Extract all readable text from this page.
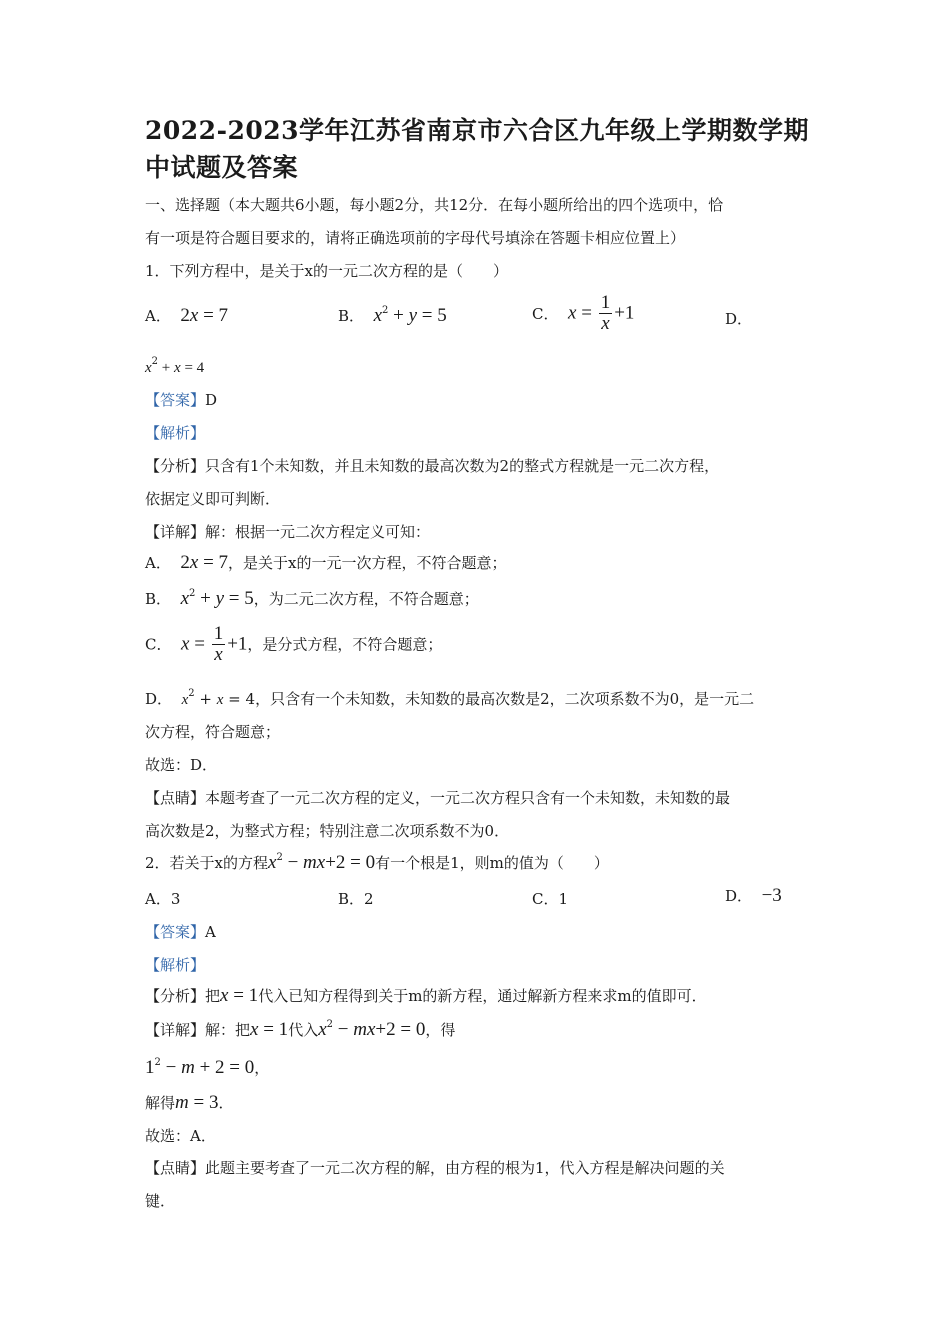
2022-2023学年江苏省南京市六合区九年级上学期数学期中试题及答案
一、选择题（本大题共6小题，每小题2分，共12分．在每小题所给出的四个选项中，恰
有一项是符合题目要求的，请将正确选项前的字母代号填涂在答题卡相应位置上）
1．下列方程中，是关于x的一元二次方程的是（　　）
A． 2x = 7	B． $x^2 + y = 5$	C． $x = \frac{1}{x} +1$	D．
$x^2 + x = 4$
【答案】D
【解析】
【分析】只含有1个未知数，并且未知数的最高次数为2的整式方程就是一元二次方程，
依据定义即可判断．
【详解】解：根据一元二次方程定义可知：
A． 2x = 7，是关于x的一元一次方程，不符合题意；
B． $x^2 + y = 5$，为二元二次方程，不符合题意；
C． $x = \frac{1}{x} +1$，是分式方程，不符合题意；
D． $x^2 + x = 4$，只含有一个未知数，未知数的最高次数是2，二次项系数不为0，是一元二
次方程，符合题意；
故选：D．
【点睛】本题考查了一元二次方程的定义，一元二次方程只含有一个未知数，未知数的最
高次数是2，为整式方程；特别注意二次项系数不为0．
2．若关于x的方程$x^2 - mx+2 = 0$有一个根是1，则m的值为（　　）
A．3	B．2	C．1	D． −3
【答案】A
【解析】
【分析】把x = 1代入已知方程得到关于m的新方程，通过解新方程来求m的值即可．
【详解】解：把x = 1代入$x^2 - mx+2 = 0$，得
$1^2 - m + 2 = 0$，
解得m = 3．
故选：A．
【点睛】此题主要考查了一元二次方程的解，由方程的根为1，代入方程是解决问题的关
键．
